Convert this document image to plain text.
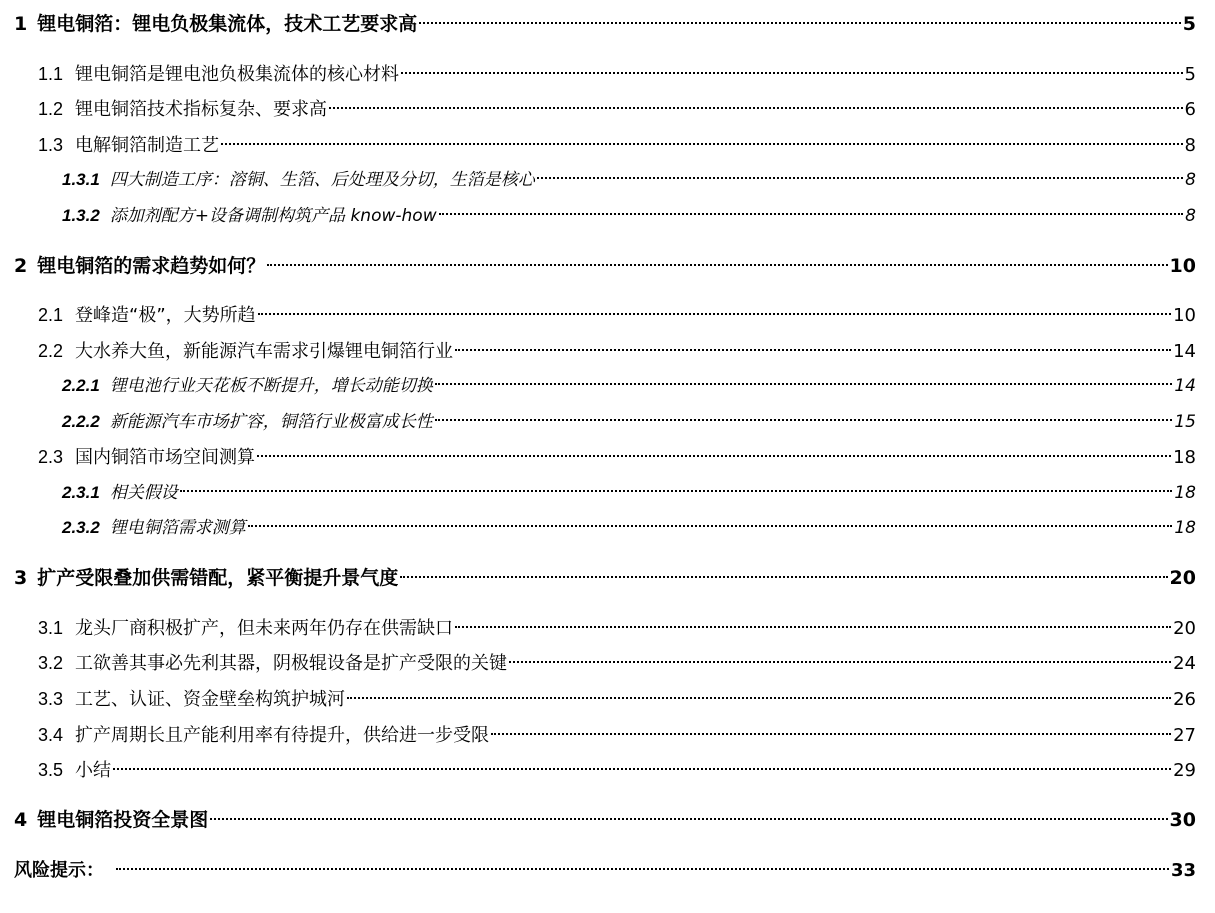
1 锂电铜箔：锂电负极集流体，技术工艺要求高	5
1.1 锂电铜箔是锂电池负极集流体的核心材料	5
1.2 锂电铜箔技术指标复杂、要求高	6
1.3 电解铜箔制造工艺	8
1.3.1 四大制造工序：溶铜、生箔、后处理及分切，生箔是核心	8
1.3.2 添加剂配方+设备调制构筑产品 know-how	8
2 锂电铜箔的需求趋势如何？	10
2.1 登峰造“极”，大势所趋	10
2.2 大水养大鱼，新能源汽车需求引爆锂电铜箔行业	14
2.2.1 锂电池行业天花板不断提升，增长动能切换	14
2.2.2 新能源汽车市场扩容，铜箔行业极富成长性	15
2.3 国内铜箔市场空间测算	18
2.3.1 相关假设	18
2.3.2 锂电铜箔需求测算	18
3 扩产受限叠加供需错配，紧平衡提升景气度	20
3.1 龙头厂商积极扩产，但未来两年仍存在供需缺口	20
3.2 工欲善其事必先利其器，阴极辊设备是扩产受限的关键	24
3.3 工艺、认证、资金壁垒构筑护城河	26
3.4 扩产周期长且产能利用率有待提升，供给进一步受限	27
3.5 小结	29
4 锂电铜箔投资全景图	30
风险提示：	33
